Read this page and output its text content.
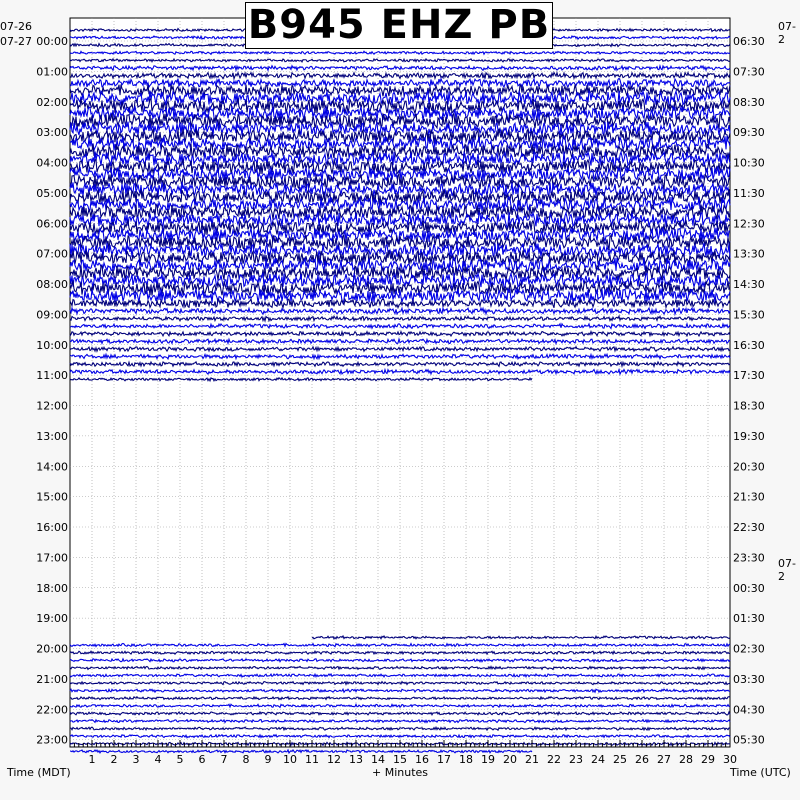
1 2 3 4 5 6 7 8 9 10 11 12 13 14 15 16 17 18 19 20 21 22 23 24 25 26 27 28 29 30
00:00
01:00
02:00
03:00
04:00
05:00
06:00
07:00
08:00
09:00
10:00
11:00
12:00
13:00
14:00
15:00
16:00
17:00
18:00
19:00
20:00
21:00
22:00
23:00
06:30
07:30
08:30
09:30
10:30
11:30
12:30
13:30
14:30
15:30
16:30
17:30
18:30
19:30
20:30
21:30
22:30
23:30
00:30
01:30
02:30
03:30
04:30
05:30
B945 EHZ PB
07-26
07-27
07-2
07-2
Time (MDT)	Time (UTC)
+ Minutes
